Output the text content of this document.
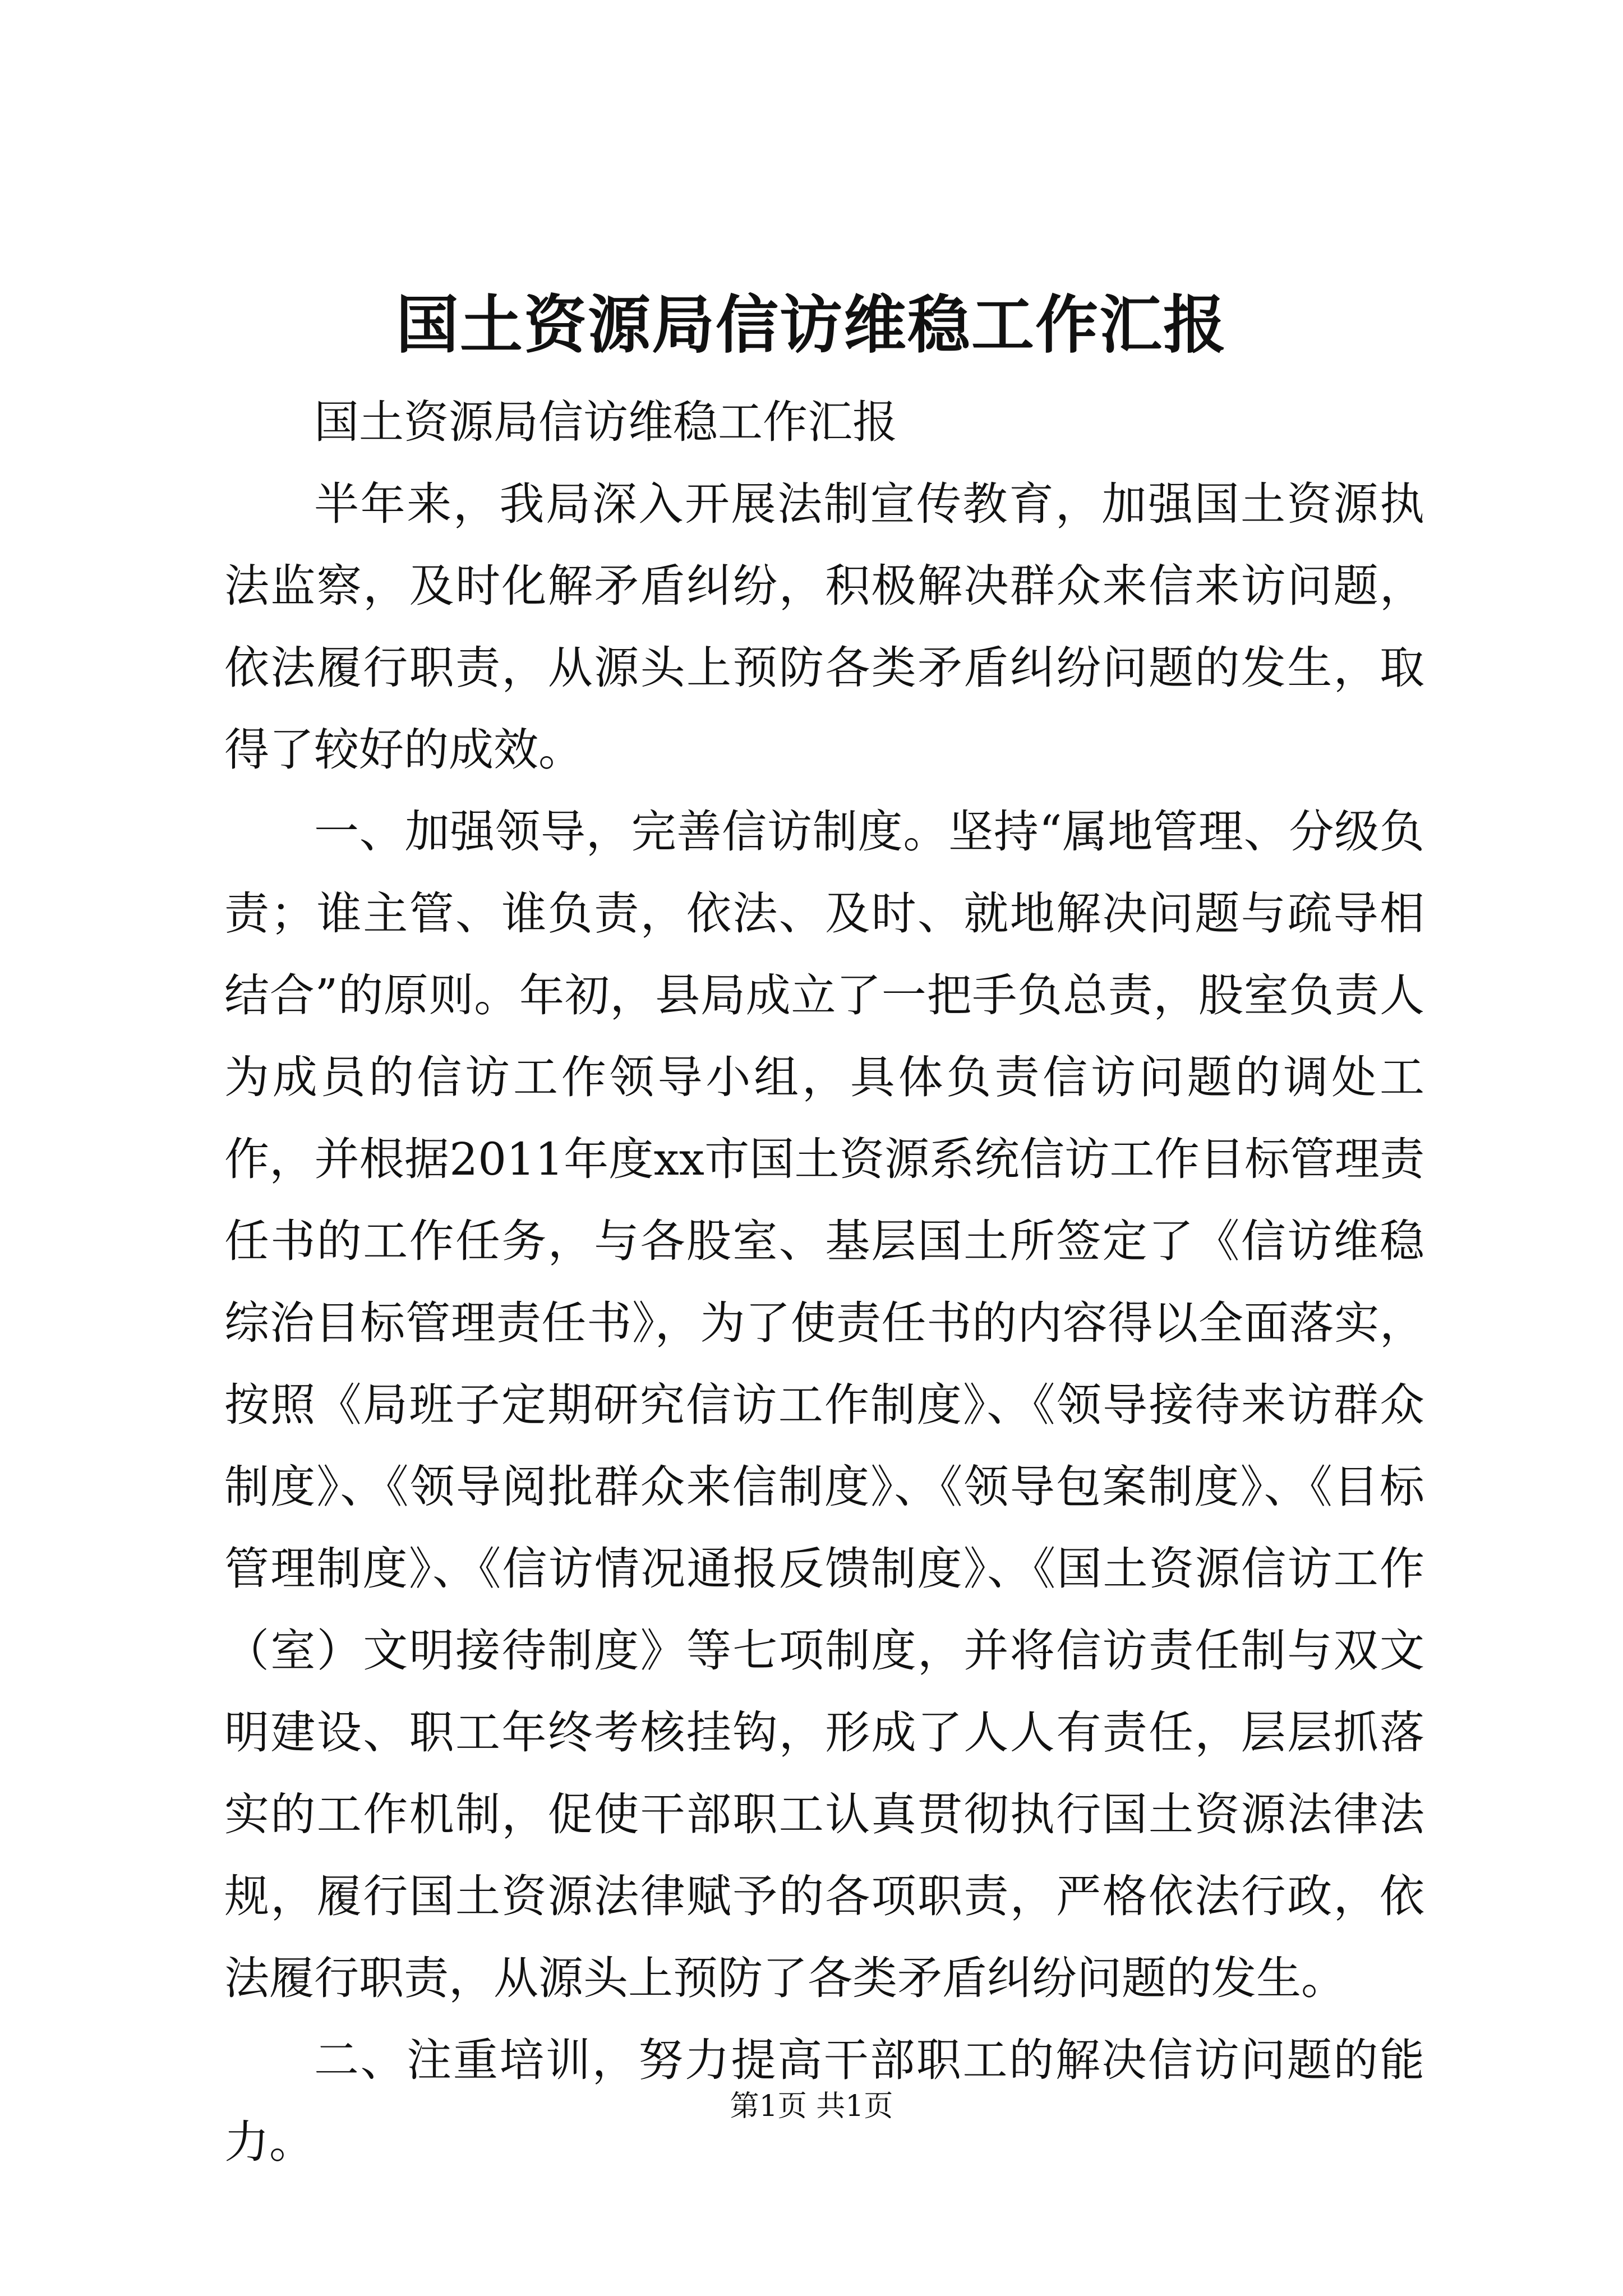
国土资源局信访维稳工作汇报

国土资源局信访维稳工作汇报

半年来，我局深入开展法制宣传教育，加强国土资源执法监察，及时化解矛盾纠纷，积极解决群众来信来访问题，依法履行职责，从源头上预防各类矛盾纠纷问题的发生，取得了较好的成效。

一、加强领导，完善信访制度。坚持“属地管理、分级负责；谁主管、谁负责，依法、及时、就地解决问题与疏导相结合”的原则。年初，县局成立了一把手负总责，股室负责人为成员的信访工作领导小组，具体负责信访问题的调处工作，并根据2011年度xx市国土资源系统信访工作目标管理责任书的工作任务，与各股室、基层国土所签定了《信访维稳综治目标管理责任书》，为了使责任书的内容得以全面落实，按照《局班子定期研究信访工作制度》、《领导接待来访群众制度》、《领导阅批群众来信制度》、《领导包案制度》、《目标管理制度》、《信访情况通报反馈制度》、《国土资源信访工作（室）文明接待制度》等七项制度，并将信访责任制与双文明建设、职工年终考核挂钩，形成了人人有责任，层层抓落实的工作机制，促使干部职工认真贯彻执行国土资源法律法规，履行国土资源法律赋予的各项职责，严格依法行政，依法履行职责，从源头上预防了各类矛盾纠纷问题的发生。

二、注重培训，努力提高干部职工的解决信访问题的能力。

第1页 共1页
